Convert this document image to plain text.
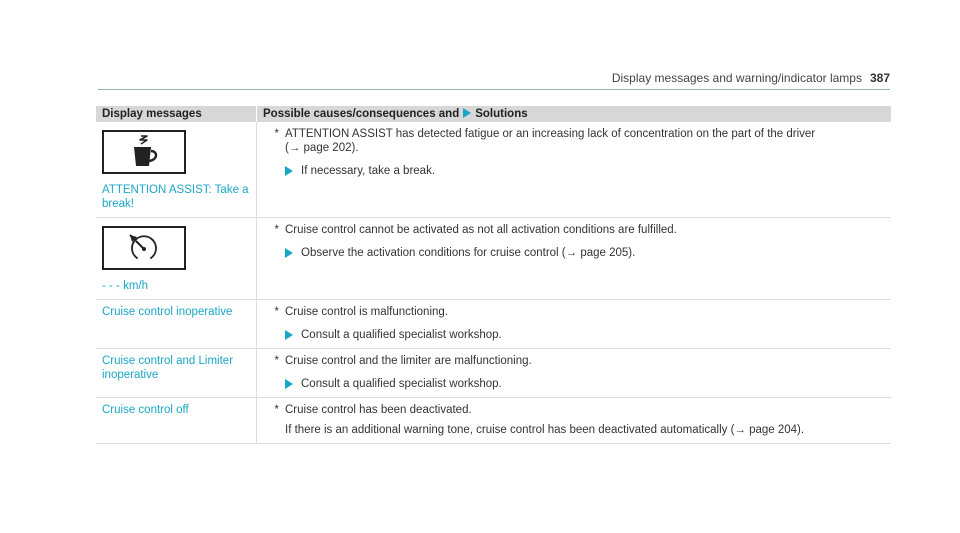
Display messages and warning/indicator lamps 387
Display messages	Possible causes/consequences and Solutions

ATTENTION ASSIST: Take a break!	* ATTENTION ASSIST has detected fatigue or an increasing lack of concentration on the part of the driver
(→ page 202).
If necessary, take a break.

- - - km/h	* Cruise control cannot be activated as not all activation conditions are fulfilled.
Observe the activation conditions for cruise control (→ page 205).

Cruise control inoperative	* Cruise control is malfunctioning.
Consult a qualified specialist workshop.

Cruise control and Limiter inoperative	* Cruise control and the limiter are malfunctioning.
Consult a qualified specialist workshop.

Cruise control off	* Cruise control has been deactivated.
If there is an additional warning tone, cruise control has been deactivated automatically (→ page 204).
